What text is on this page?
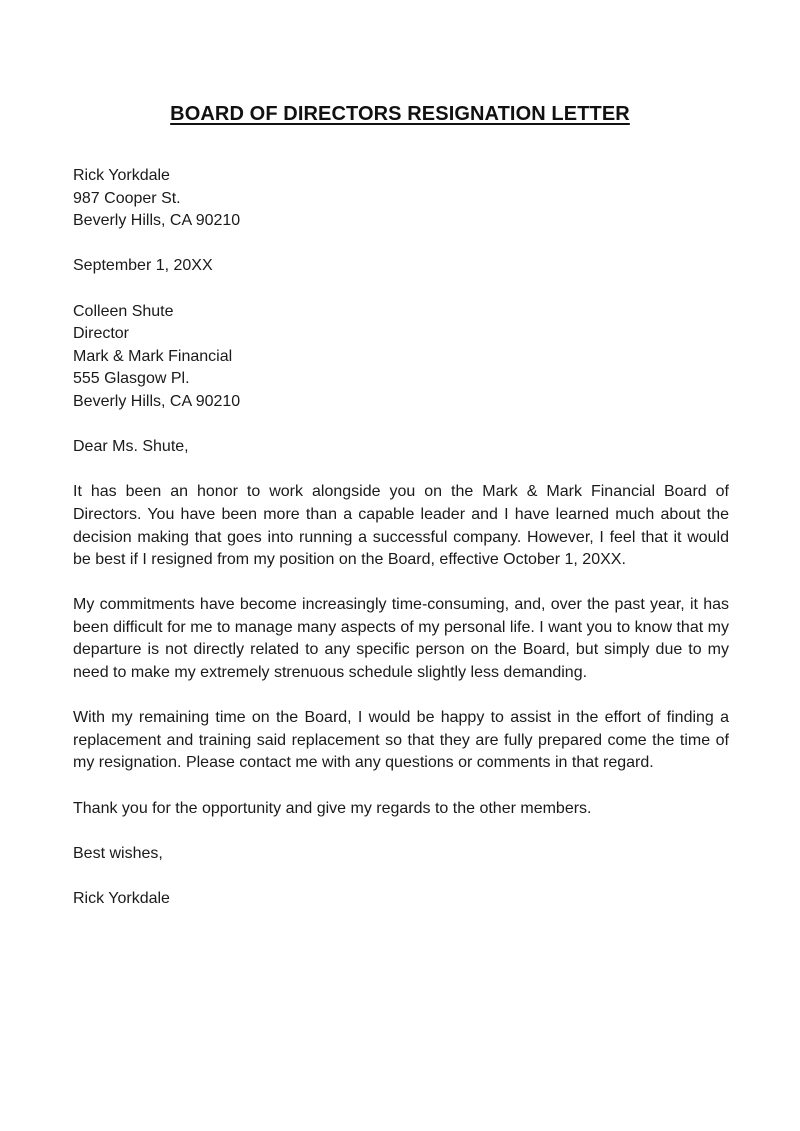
BOARD OF DIRECTORS RESIGNATION LETTER
Rick Yorkdale
987 Cooper St.
Beverly Hills, CA 90210
September 1, 20XX
Colleen Shute
Director
Mark & Mark Financial
555 Glasgow Pl.
Beverly Hills, CA 90210
Dear Ms. Shute,

It has been an honor to work alongside you on the Mark & Mark Financial Board of Directors. You have been more than a capable leader and I have learned much about the decision making that goes into running a successful company. However, I feel that it would be best if I resigned from my position on the Board, effective October 1, 20XX.

My commitments have become increasingly time-consuming, and, over the past year, it has been difficult for me to manage many aspects of my personal life. I want you to know that my departure is not directly related to any specific person on the Board, but simply due to my need to make my extremely strenuous schedule slightly less demanding.

With my remaining time on the Board, I would be happy to assist in the effort of finding a replacement and training said replacement so that they are fully prepared come the time of my resignation. Please contact me with any questions or comments in that regard.

Thank you for the opportunity and give my regards to the other members.

Best wishes,
Rick Yorkdale
